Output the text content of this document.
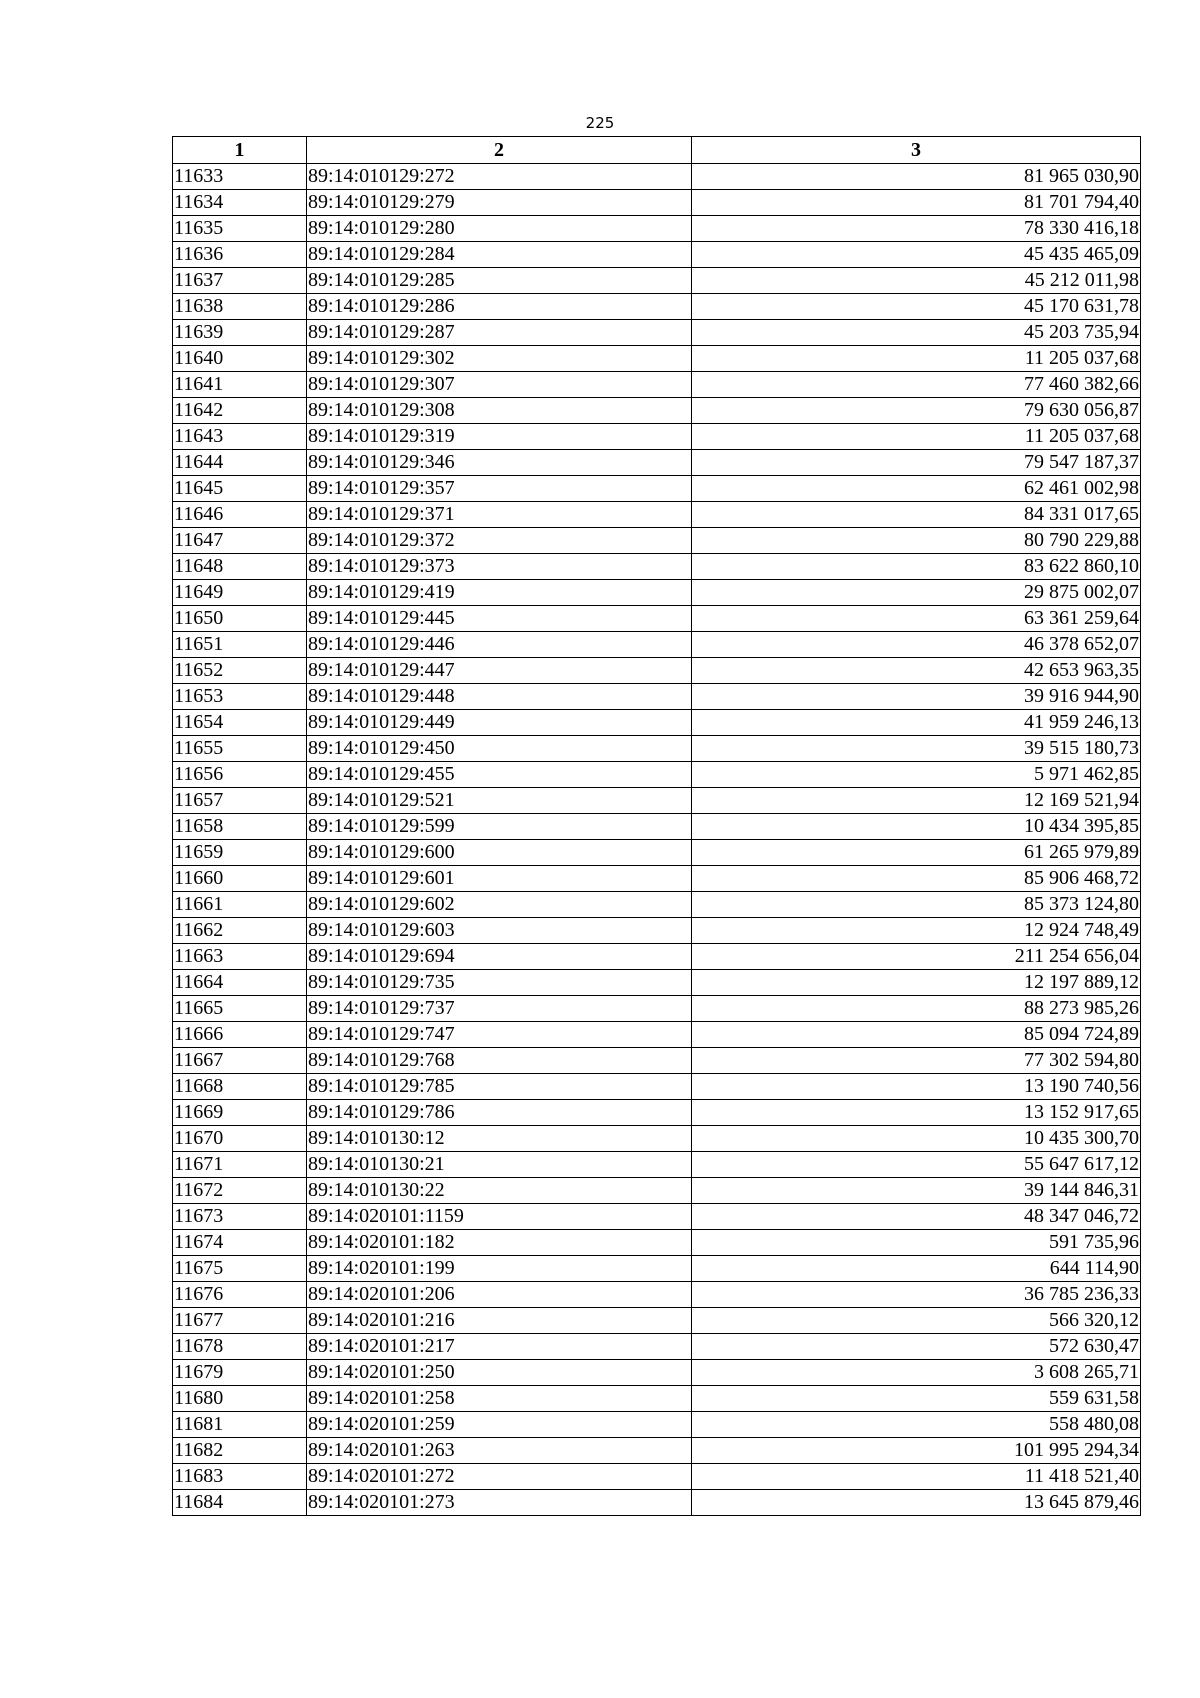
225
1	2	3
11633	89:14:010129:272	81 965 030,90
11634	89:14:010129:279	81 701 794,40
11635	89:14:010129:280	78 330 416,18
11636	89:14:010129:284	45 435 465,09
11637	89:14:010129:285	45 212 011,98
11638	89:14:010129:286	45 170 631,78
11639	89:14:010129:287	45 203 735,94
11640	89:14:010129:302	11 205 037,68
11641	89:14:010129:307	77 460 382,66
11642	89:14:010129:308	79 630 056,87
11643	89:14:010129:319	11 205 037,68
11644	89:14:010129:346	79 547 187,37
11645	89:14:010129:357	62 461 002,98
11646	89:14:010129:371	84 331 017,65
11647	89:14:010129:372	80 790 229,88
11648	89:14:010129:373	83 622 860,10
11649	89:14:010129:419	29 875 002,07
11650	89:14:010129:445	63 361 259,64
11651	89:14:010129:446	46 378 652,07
11652	89:14:010129:447	42 653 963,35
11653	89:14:010129:448	39 916 944,90
11654	89:14:010129:449	41 959 246,13
11655	89:14:010129:450	39 515 180,73
11656	89:14:010129:455	5 971 462,85
11657	89:14:010129:521	12 169 521,94
11658	89:14:010129:599	10 434 395,85
11659	89:14:010129:600	61 265 979,89
11660	89:14:010129:601	85 906 468,72
11661	89:14:010129:602	85 373 124,80
11662	89:14:010129:603	12 924 748,49
11663	89:14:010129:694	211 254 656,04
11664	89:14:010129:735	12 197 889,12
11665	89:14:010129:737	88 273 985,26
11666	89:14:010129:747	85 094 724,89
11667	89:14:010129:768	77 302 594,80
11668	89:14:010129:785	13 190 740,56
11669	89:14:010129:786	13 152 917,65
11670	89:14:010130:12	10 435 300,70
11671	89:14:010130:21	55 647 617,12
11672	89:14:010130:22	39 144 846,31
11673	89:14:020101:1159	48 347 046,72
11674	89:14:020101:182	591 735,96
11675	89:14:020101:199	644 114,90
11676	89:14:020101:206	36 785 236,33
11677	89:14:020101:216	566 320,12
11678	89:14:020101:217	572 630,47
11679	89:14:020101:250	3 608 265,71
11680	89:14:020101:258	559 631,58
11681	89:14:020101:259	558 480,08
11682	89:14:020101:263	101 995 294,34
11683	89:14:020101:272	11 418 521,40
11684	89:14:020101:273	13 645 879,46
